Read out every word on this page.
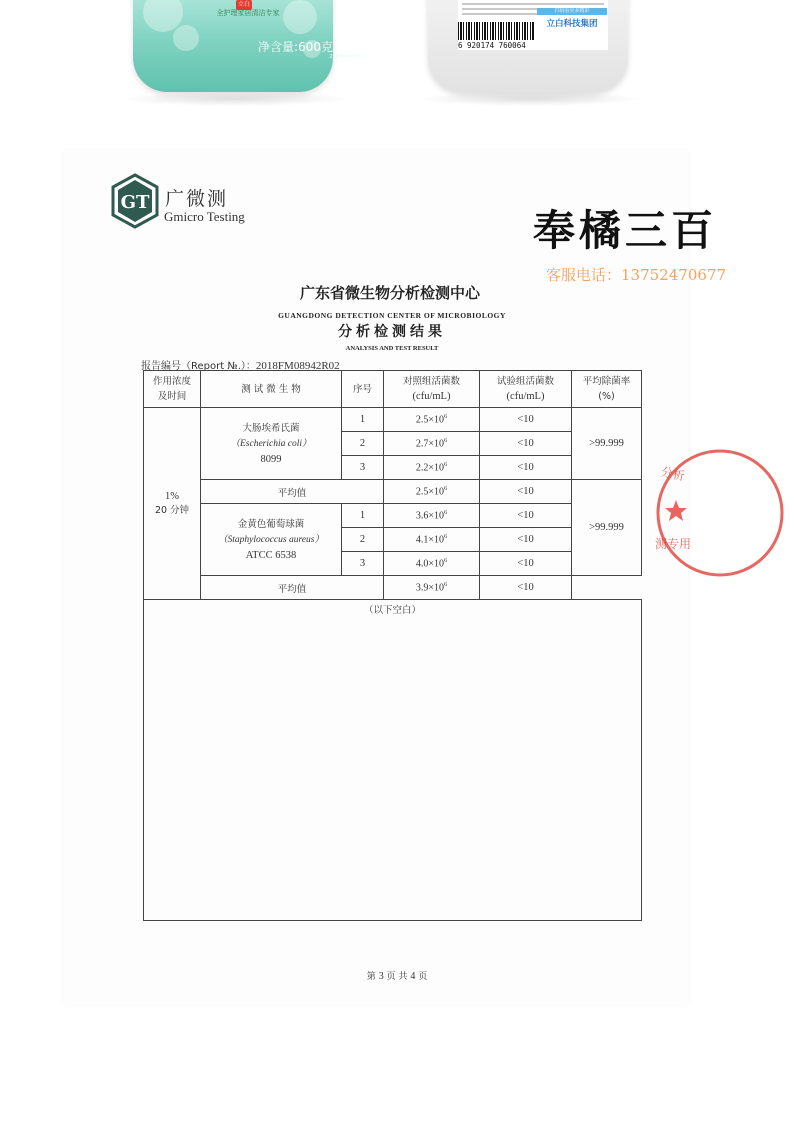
立白
全护理家居清洁专家
净含量:600克
2539000030
扫码看更多精彩
立白科技集团
6 920174 760064
GT 广微测
Gmicro Testing	奉橘三百
客服电话：13752470677
广东省微生物分析检测中心
GUANGDONG DETECTION CENTER OF MICROBIOLOGY
分析检测结果
ANALYSIS AND TEST RESULT
报告编号（Report №.）：2018FM08942R02
作用浓度及时间	测 试 微 生 物	序号	对照组活菌数
(cfu/mL)	试验组活菌数
(cfu/mL)	平均除菌率
(%)
1%
20 分钟	大肠埃希氏菌
（Escherichia coli）
8099	1	$2.5\times 10^6$	<10	>99.999
		2	$2.7\times 10^6$	<10	
		3	$2.2\times 10^6$	<10	
	平均值		$2.5\times 10^6$	<10	>99.999
	金黄色葡萄球菌
（Staphylococcus aureus）
ATCC 6538	1	$3.6\times 10^6$	<10	
		2	$4.1\times 10^6$	<10	
		3	$4.0\times 10^6$	<10	
	平均值		$3.9\times 10^6$	<10	

（以下空白）					
第 3 页 共 4 页
分析
测专用
